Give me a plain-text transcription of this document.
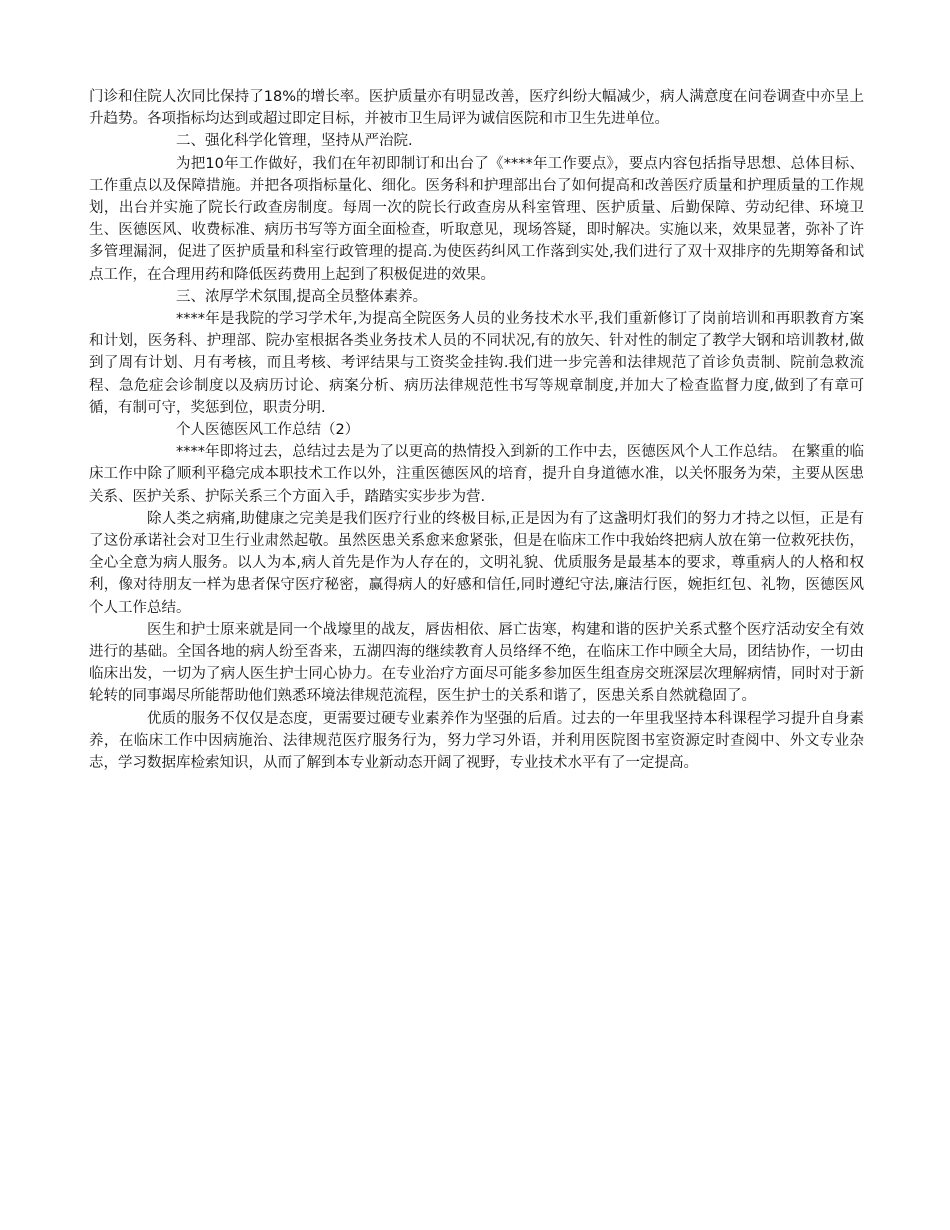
门诊和住院人次同比保持了18%的增长率。医护质量亦有明显改善，医疗纠纷大幅减少，病人满意度在问卷调查中亦呈上升趋势。各项指标均达到或超过即定目标，并被市卫生局评为诚信医院和市卫生先进单位。

二、强化科学化管理，坚持从严治院.

为把10年工作做好，我们在年初即制订和出台了《****年工作要点》，要点内容包括指导思想、总体目标、工作重点以及保障措施。并把各项指标量化、细化。医务科和护理部出台了如何提高和改善医疗质量和护理质量的工作规划，出台并实施了院长行政查房制度。每周一次的院长行政查房从科室管理、医护质量、后勤保障、劳动纪律、环境卫生、医德医风、收费标准、病历书写等方面全面检查，听取意见，现场答疑，即时解决。实施以来，效果显著，弥补了许多管理漏洞，促进了医护质量和科室行政管理的提高.为使医药纠风工作落到实处,我们进行了双十双排序的先期筹备和试点工作，在合理用药和降低医药费用上起到了积极促进的效果。

三、浓厚学术氛围,提高全员整体素养。

****年是我院的学习学术年,为提高全院医务人员的业务技术水平,我们重新修订了岗前培训和再职教育方案和计划，医务科、护理部、院办室根据各类业务技术人员的不同状况,有的放矢、针对性的制定了教学大钢和培训教材,做到了周有计划、月有考核，而且考核、考评结果与工资奖金挂钩.我们进一步完善和法律规范了首诊负责制、院前急救流程、急危症会诊制度以及病历讨论、病案分析、病历法律规范性书写等规章制度,并加大了检查监督力度,做到了有章可循，有制可守，奖惩到位，职责分明.

个人医德医风工作总结（2）

****年即将过去，总结过去是为了以更高的热情投入到新的工作中去，医德医风个人工作总结。 在繁重的临床工作中除了顺利平稳完成本职技术工作以外，注重医德医风的培育，提升自身道德水准，以关怀服务为荣，主要从医患关系、医护关系、护际关系三个方面入手，踏踏实实步步为营.

除人类之病痛,助健康之完美是我们医疗行业的终极目标,正是因为有了这盏明灯我们的努力才持之以恒，正是有了这份承诺社会对卫生行业肃然起敬。虽然医患关系愈来愈紧张，但是在临床工作中我始终把病人放在第一位救死扶伤，全心全意为病人服务。以人为本,病人首先是作为人存在的，文明礼貌、优质服务是最基本的要求，尊重病人的人格和权利，像对待朋友一样为患者保守医疗秘密，赢得病人的好感和信任,同时遵纪守法,廉洁行医，婉拒红包、礼物，医德医风个人工作总结。

医生和护士原来就是同一个战壕里的战友，唇齿相依、唇亡齿寒，构建和谐的医护关系式整个医疗活动安全有效进行的基础。全国各地的病人纷至沓来，五湖四海的继续教育人员络绎不绝，在临床工作中顾全大局，团结协作，一切由临床出发，一切为了病人医生护士同心协力。在专业治疗方面尽可能多参加医生组查房交班深层次理解病情，同时对于新轮转的同事竭尽所能帮助他们熟悉环境法律规范流程，医生护士的关系和谐了，医患关系自然就稳固了。

优质的服务不仅仅是态度，更需要过硬专业素养作为坚强的后盾。过去的一年里我坚持本科课程学习提升自身素养，在临床工作中因病施治、法律规范医疗服务行为，努力学习外语，并利用医院图书室资源定时查阅中、外文专业杂志，学习数据库检索知识，从而了解到本专业新动态开阔了视野，专业技术水平有了一定提高。
